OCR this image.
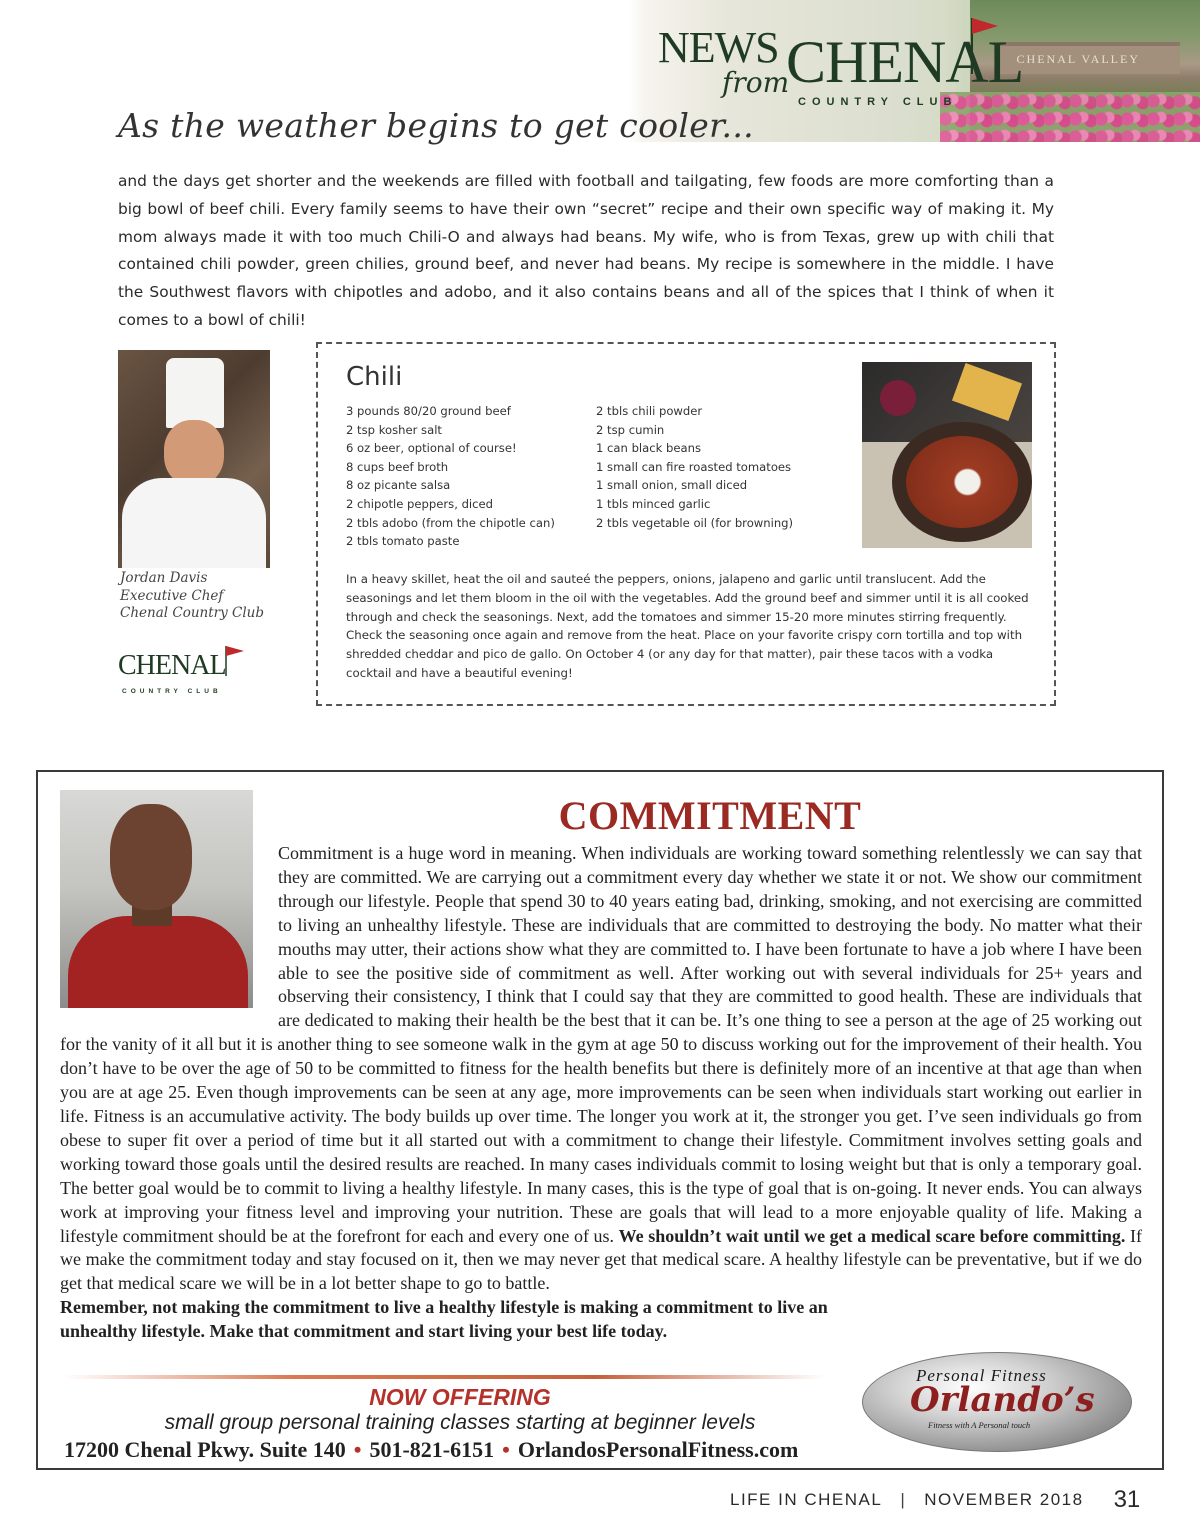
CHENAL VALLEY
NEWS
from
CHENAL
COUNTRY CLUB
As the weather begins to get cooler...

and the days get shorter and the weekends are filled with football and tailgating, few foods are more comforting than a big bowl of beef chili. Every family seems to have their own “secret” recipe and their own specific way of making it. My mom always made it with too much Chili-O and always had beans. My wife, who is from Texas, grew up with chili that contained chili powder, green chilies, ground beef, and never had beans. My recipe is somewhere in the middle. I have the Southwest flavors with chipotles and adobo, and it also contains beans and all of the spices that I think of when it comes to a bowl of chili!

Jordan Davis
Executive Chef
Chenal Country Club
CHENAL
COUNTRY CLUB
Chili
3 pounds 80/20 ground beef
2 tsp kosher salt
6 oz beer, optional of course!
8 cups beef broth
8 oz picante salsa
2 chipotle peppers, diced
2 tbls adobo (from the chipotle can)
2 tbls tomato paste
2 tbls chili powder
2 tsp cumin
1 can black beans
1 small can fire roasted tomatoes
1 small onion, small diced
1 tbls minced garlic
2 tbls vegetable oil (for browning)

In a heavy skillet, heat the oil and sauteé the peppers, onions, jalapeno and garlic until translucent. Add the seasonings and let them bloom in the oil with the vegetables. Add the ground beef and simmer until it is all cooked through and check the seasonings. Next, add the tomatoes and simmer 15-20 more minutes stirring frequently. Check the seasoning once again and remove from the heat. Place on your favorite crispy corn tortilla and top with shredded cheddar and pico de gallo. On October 4 (or any day for that matter), pair these tacos with a vodka cocktail and have a beautiful evening!

COMMITMENT
Commitment is a huge word in meaning. When individuals are working toward something relentlessly we can say that they are committed. We are carrying out a commitment every day whether we state it or not. We show our commitment through our lifestyle. People that spend 30 to 40 years eating bad, drinking, smoking, and not exercising are committed to living an unhealthy lifestyle. These are individuals that are committed to destroying the body. No matter what their mouths may utter, their actions show what they are committed to. I have been fortunate to have a job where I have been able to see the positive side of commitment as well. After working out with several individuals for 25+ years and observing their consistency, I think that I could say that they are committed to good health. These are individuals that are dedicated to making their health be the best that it can be. It’s one thing to see a person at the age of 25 working out for the vanity of it all but it is another thing to see someone walk in the gym at age 50 to discuss working out for the improvement of their health. You don’t have to be over the age of 50 to be committed to fitness for the health benefits but there is definitely more of an incentive at that age than when you are at age 25. Even though improvements can be seen at any age, more improvements can be seen when individuals start working out earlier in life. Fitness is an accumulative activity. The body builds up over time. The longer you work at it, the stronger you get. I’ve seen individuals go from obese to super fit over a period of time but it all started out with a commitment to change their lifestyle. Commitment involves setting goals and working toward those goals until the desired results are reached. In many cases individuals commit to losing weight but that is only a temporary goal. The better goal would be to commit to living a healthy lifestyle. In many cases, this is the type of goal that is on-going. It never ends. You can always work at improving your fitness level and improving your nutrition. These are goals that will lead to a more enjoyable quality of life. Making a lifestyle commitment should be at the forefront for each and every one of us. We shouldn’t wait until we get a medical scare before committing. If we make the commitment today and stay focused on it, then we may never get that medical scare. A healthy lifestyle can be preventative, but if we do get that medical scare we will be in a lot better shape to go to battle.
Remember, not making the commitment to live a healthy lifestyle is making a commitment to live an unhealthy lifestyle. Make that commitment and start living your best life today.
NOW OFFERING
small group personal training classes starting at beginner levels
17200 Chenal Pkwy. Suite 140 • 501-821-6151 • OrlandosPersonalFitness.com
Personal Fitness
Orlando’s
Fitness with A Personal touch
LIFE IN CHENAL | NOVEMBER 2018 31
